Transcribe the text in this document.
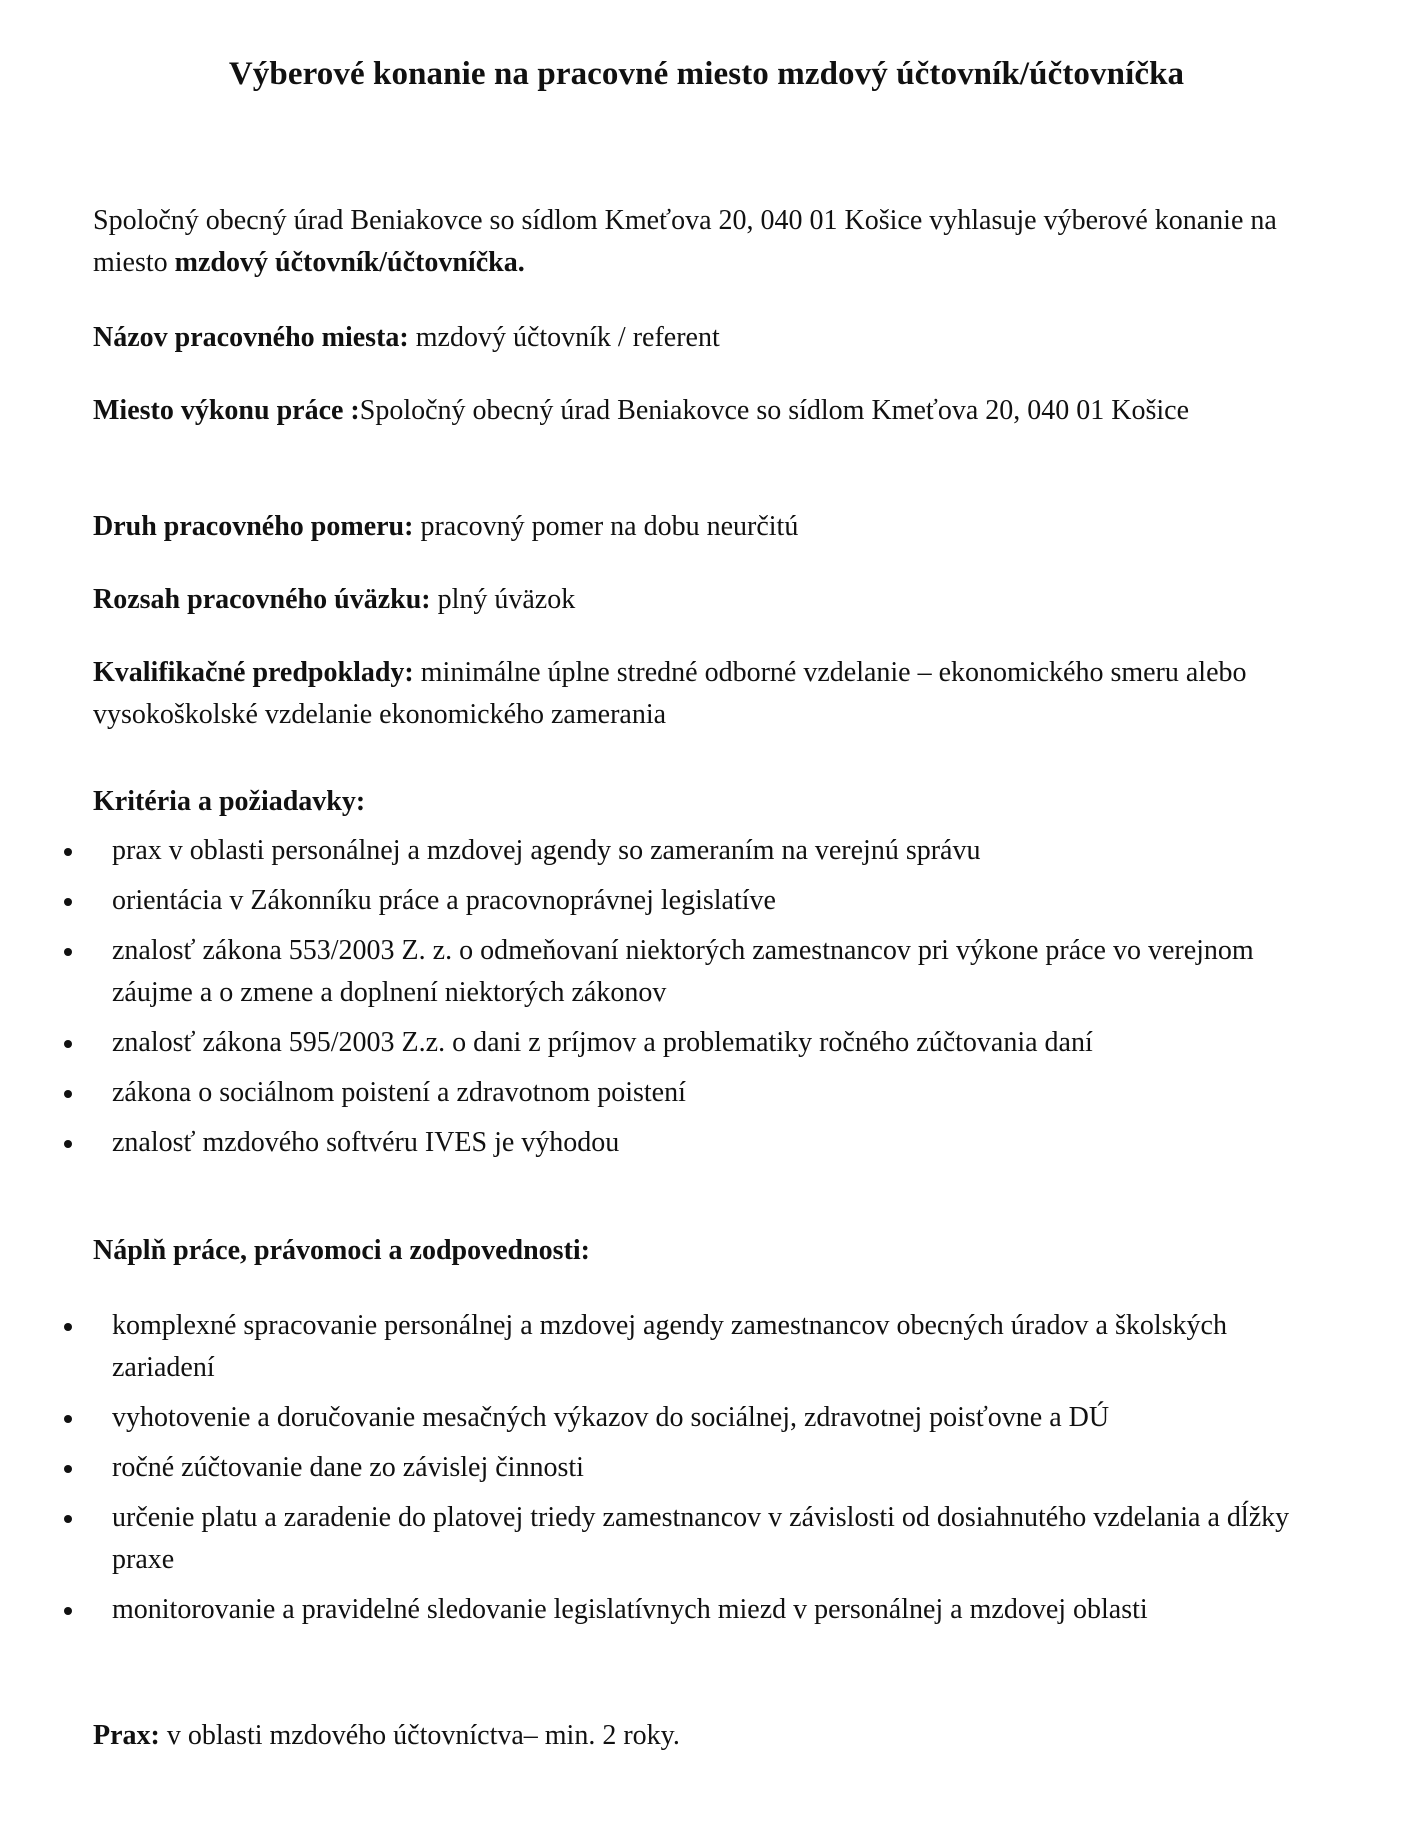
Výberové konanie na pracovné miesto mzdový účtovník/účtovníčka

Spoločný obecný úrad Beniakovce so sídlom Kmeťova 20, 040 01 Košice vyhlasuje výberové konanie na miesto mzdový účtovník/účtovníčka.

Názov pracovného miesta: mzdový účtovník / referent

Miesto výkonu práce :Spoločný obecný úrad Beniakovce so sídlom Kmeťova 20, 040 01 Košice

Druh pracovného pomeru: pracovný pomer na dobu neurčitú

Rozsah pracovného úväzku: plný úväzok

Kvalifikačné predpoklady: minimálne úplne stredné odborné vzdelanie – ekonomického smeru alebo vysokoškolské vzdelanie ekonomického zamerania

Kritéria a požiadavky:

prax v oblasti personálnej a mzdovej agendy so zameraním na verejnú správu
orientácia v Zákonníku práce a pracovnoprávnej legislatíve
znalosť zákona 553/2003 Z. z. o odmeňovaní niektorých zamestnancov pri výkone práce vo verejnom záujme a o zmene a doplnení niektorých zákonov
znalosť zákona 595/2003 Z.z. o dani z príjmov a problematiky ročného zúčtovania daní
zákona o sociálnom poistení a zdravotnom poistení
znalosť mzdového softvéru IVES je výhodou

Náplň práce, právomoci a zodpovednosti:

komplexné spracovanie personálnej a mzdovej agendy zamestnancov obecných úradov a školských zariadení
vyhotovenie a doručovanie mesačných výkazov do sociálnej, zdravotnej poisťovne a DÚ
ročné zúčtovanie dane zo závislej činnosti
určenie platu a zaradenie do platovej triedy zamestnancov v závislosti od dosiahnutého vzdelania a dĺžky praxe
monitorovanie a pravidelné sledovanie legislatívnych miezd v personálnej a mzdovej oblasti

Prax: v oblasti mzdového účtovníctva– min. 2 roky.
